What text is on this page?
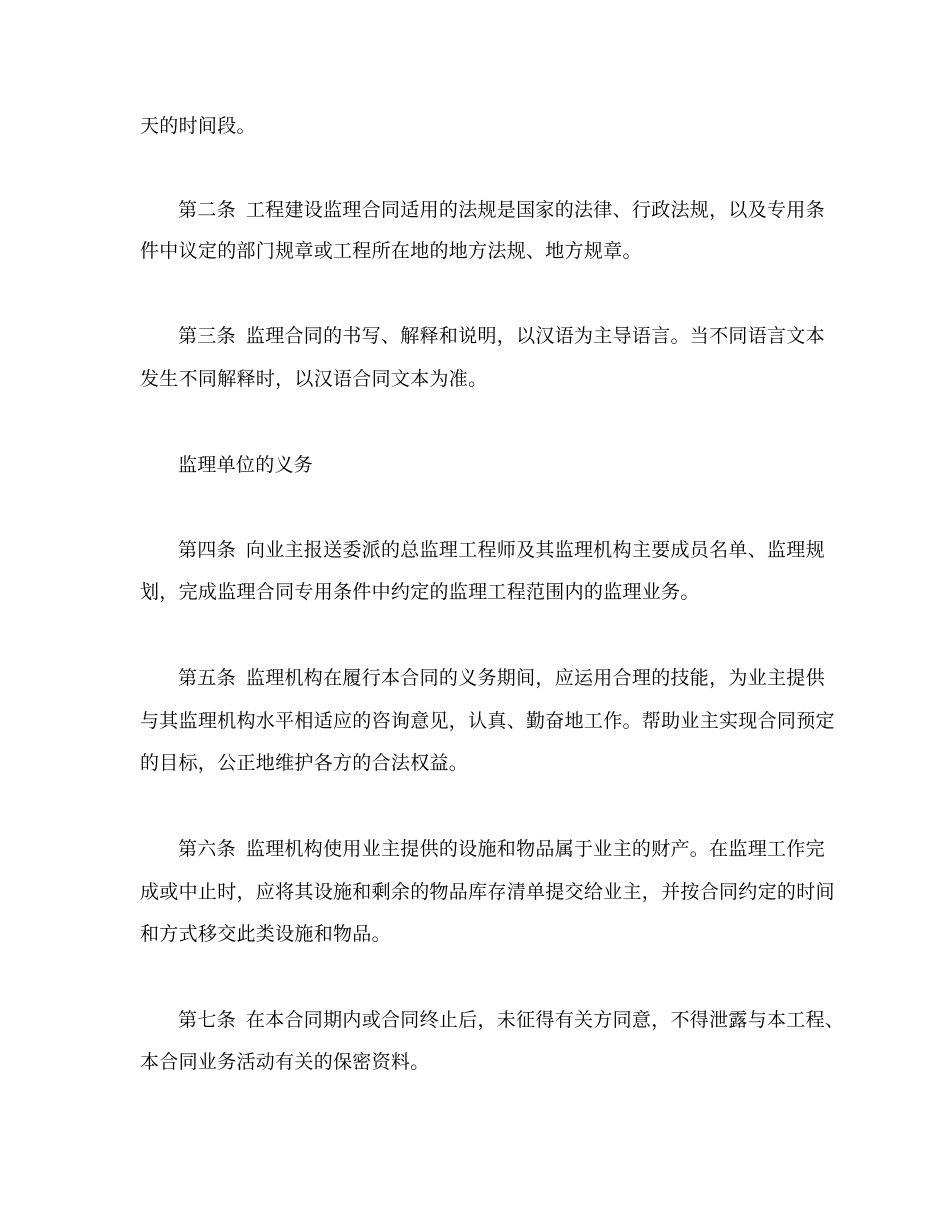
天的时间段。
第二条 工程建设监理合同适用的法规是国家的法律、行政法规，以及专用条
件中议定的部门规章或工程所在地的地方法规、地方规章。
第三条 监理合同的书写、解释和说明，以汉语为主导语言。当不同语言文本
发生不同解释时，以汉语合同文本为准。
监理单位的义务
第四条 向业主报送委派的总监理工程师及其监理机构主要成员名单、监理规
划，完成监理合同专用条件中约定的监理工程范围内的监理业务。
第五条 监理机构在履行本合同的义务期间，应运用合理的技能，为业主提供
与其监理机构水平相适应的咨询意见，认真、勤奋地工作。帮助业主实现合同预定
的目标，公正地维护各方的合法权益。
第六条 监理机构使用业主提供的设施和物品属于业主的财产。在监理工作完
成或中止时，应将其设施和剩余的物品库存清单提交给业主，并按合同约定的时间
和方式移交此类设施和物品。
第七条 在本合同期内或合同终止后，未征得有关方同意，不得泄露与本工程、
本合同业务活动有关的保密资料。
